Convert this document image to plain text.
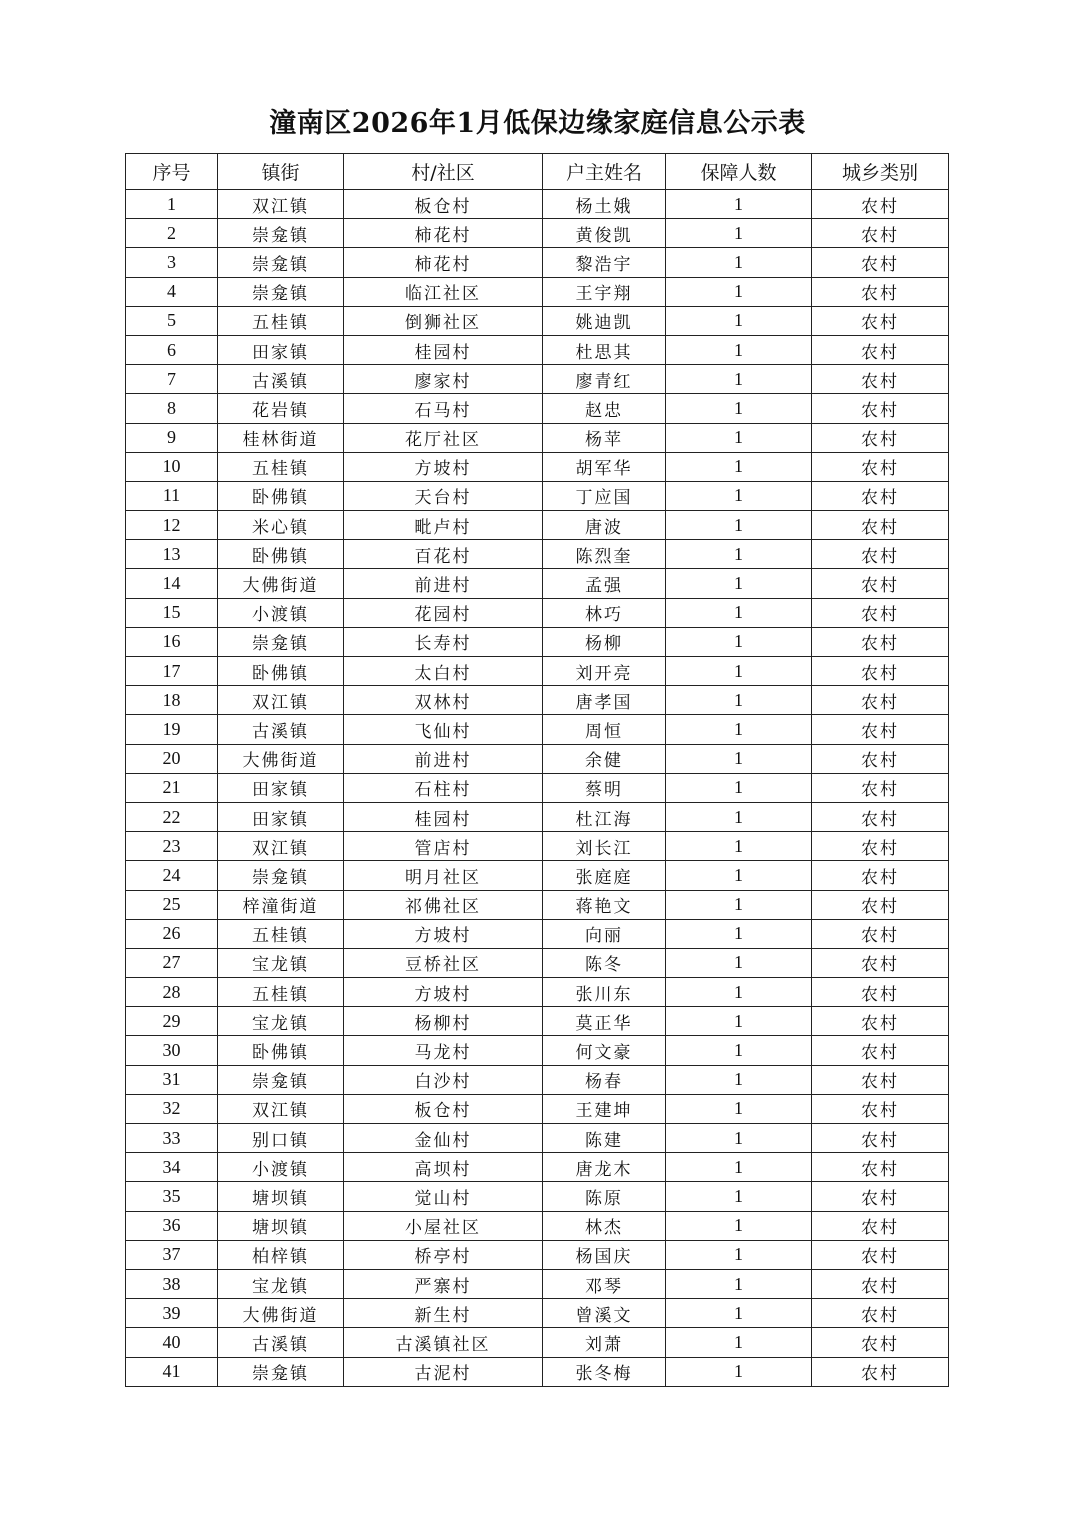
潼南区2026年1月低保边缘家庭信息公示表
序号	镇街	村/社区	户主姓名	保障人数	城乡类别
1	双江镇	板仓村	杨土娥	1	农村
2	崇龛镇	柿花村	黄俊凯	1	农村
3	崇龛镇	柿花村	黎浩宇	1	农村
4	崇龛镇	临江社区	王宇翔	1	农村
5	五桂镇	倒狮社区	姚迪凯	1	农村
6	田家镇	桂园村	杜思其	1	农村
7	古溪镇	廖家村	廖青红	1	农村
8	花岩镇	石马村	赵忠	1	农村
9	桂林街道	花厅社区	杨苹	1	农村
10	五桂镇	方坡村	胡军华	1	农村
11	卧佛镇	天台村	丁应国	1	农村
12	米心镇	毗卢村	唐波	1	农村
13	卧佛镇	百花村	陈烈奎	1	农村
14	大佛街道	前进村	孟强	1	农村
15	小渡镇	花园村	林巧	1	农村
16	崇龛镇	长寿村	杨柳	1	农村
17	卧佛镇	太白村	刘开亮	1	农村
18	双江镇	双林村	唐孝国	1	农村
19	古溪镇	飞仙村	周恒	1	农村
20	大佛街道	前进村	余健	1	农村
21	田家镇	石柱村	蔡明	1	农村
22	田家镇	桂园村	杜江海	1	农村
23	双江镇	管店村	刘长江	1	农村
24	崇龛镇	明月社区	张庭庭	1	农村
25	梓潼街道	祁佛社区	蒋艳文	1	农村
26	五桂镇	方坡村	向丽	1	农村
27	宝龙镇	豆桥社区	陈冬	1	农村
28	五桂镇	方坡村	张川东	1	农村
29	宝龙镇	杨柳村	莫正华	1	农村
30	卧佛镇	马龙村	何文豪	1	农村
31	崇龛镇	白沙村	杨春	1	农村
32	双江镇	板仓村	王建坤	1	农村
33	别口镇	金仙村	陈建	1	农村
34	小渡镇	高坝村	唐龙木	1	农村
35	塘坝镇	觉山村	陈原	1	农村
36	塘坝镇	小屋社区	林杰	1	农村
37	柏梓镇	桥亭村	杨国庆	1	农村
38	宝龙镇	严寨村	邓琴	1	农村
39	大佛街道	新生村	曾溪文	1	农村
40	古溪镇	古溪镇社区	刘萧	1	农村
41	崇龛镇	古泥村	张冬梅	1	农村
